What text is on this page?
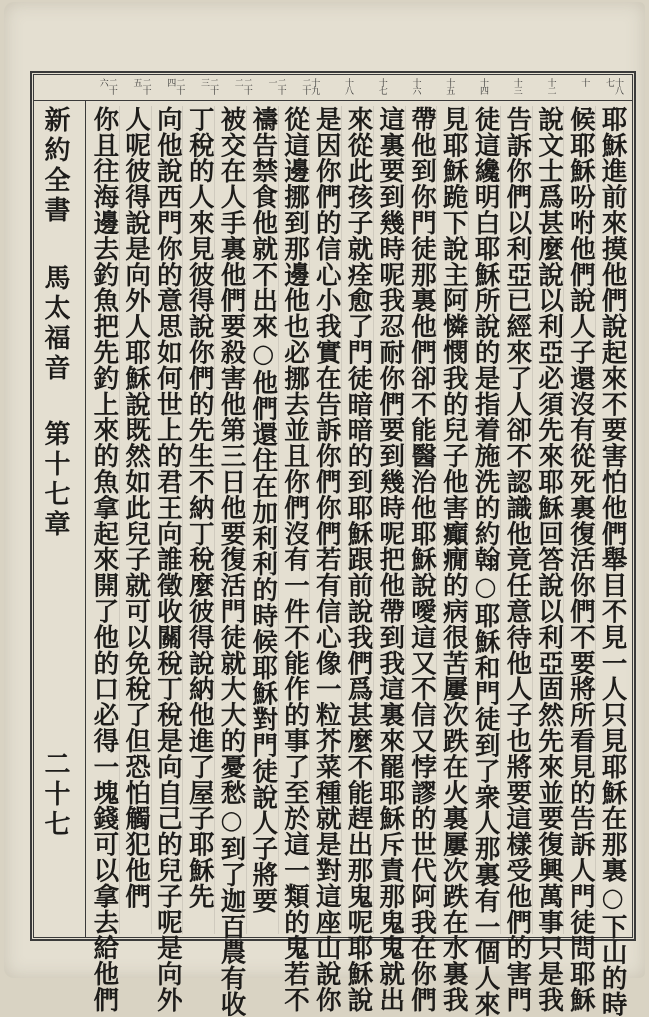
十八七
十
十二
十三
十四
十五
十六
十七
十八
十九二十
二十一
二十二
二十三
二十四
二十五
二十六
新約全書
馬太福音
第十七章
二十七	耶穌進前來摸他們說起來不要害怕他們舉目不見一人只見耶穌在那裏○下山的時
候耶穌吩咐他們說人子還沒有從死裏復活你們不要將所看見的告訴人門徒問耶穌
說文士爲甚麼說以利亞必須先來耶穌回答說以利亞固然先來並要復興萬事只是我
告訴你們以利亞已經來了人卻不認識他竟任意待他人子也將要這樣受他們的害門
徒這纔明白耶穌所說的是指着施洗的約翰○耶穌和門徒到了衆人那裏有一個人來
見耶穌跪下說主阿憐憫我的兒子他害癲癇的病很苦屢次跌在火裏屢次跌在水裏我
帶他到你門徒那裏他們卻不能醫治他耶穌說噯這又不信又悖謬的世代阿我在你們
這裏要到幾時呢我忍耐你們要到幾時呢把他帶到我這裏來罷耶穌斥責那鬼鬼就出
來從此孩子就痊愈了門徒暗暗的到耶穌跟前說我們爲甚麼不能趕出那鬼呢耶穌說
是因你們的信心小我實在告訴你們你們若有信心像一粒芥菜種就是對這座山說你
從這邊挪到那邊他也必挪去並且你們沒有一件不能作的事了至於這一類的鬼若不
禱告禁食他就不出來○他們還住在加利利的時候耶穌對門徒說人子將要
被交在人手裏他們要殺害他第三日他要復活門徒就大大的憂愁○到了迦百農有收
丁稅的人來見彼得說你們的先生不納丁稅麼彼得說納他進了屋子耶穌先
向他說西門你的意思如何世上的君王向誰徵收關稅丁稅是向自己的兒子呢是向外
人呢彼得說是向外人耶穌說既然如此兒子就可以免稅了但恐怕觸犯他們
你且往海邊去釣魚把先釣上來的魚拿起來開了他的口必得一塊錢可以拿去給他們
